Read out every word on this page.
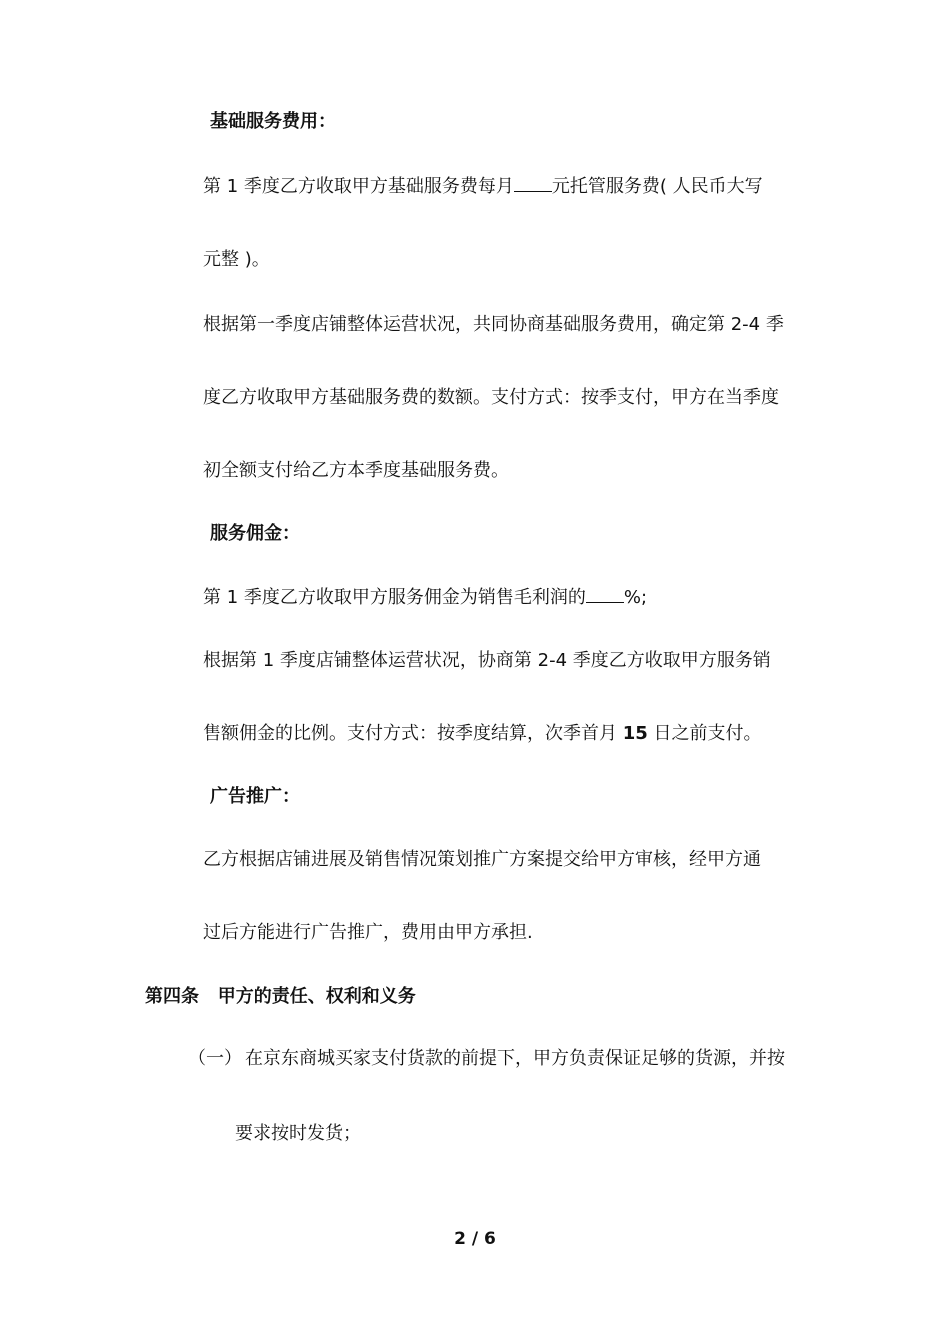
基础服务费用：
第 1 季度乙方收取甲方基础服务费每月 元托管服务费( 人民币大写
元整 )。
根据第一季度店铺整体运营状况，共同协商基础服务费用，确定第 2-4 季
度乙方收取甲方基础服务费的数额。支付方式：按季支付，甲方在当季度
初全额支付给乙方本季度基础服务费。
服务佣金：
第 1 季度乙方收取甲方服务佣金为销售毛利润的 %;
根据第 1 季度店铺整体运营状况，协商第 2-4 季度乙方收取甲方服务销
售额佣金的比例。支付方式：按季度结算，次季首月 15 日之前支付。
广告推广：
乙方根据店铺进展及销售情况策划推广方案提交给甲方审核，经甲方通
过后方能进行广告推广，费用由甲方承担.
第四条   甲方的责任、权利和义务
（一） 在京东商城买家支付货款的前提下，甲方负责保证足够的货源，并按
要求按时发货；
2 / 6
